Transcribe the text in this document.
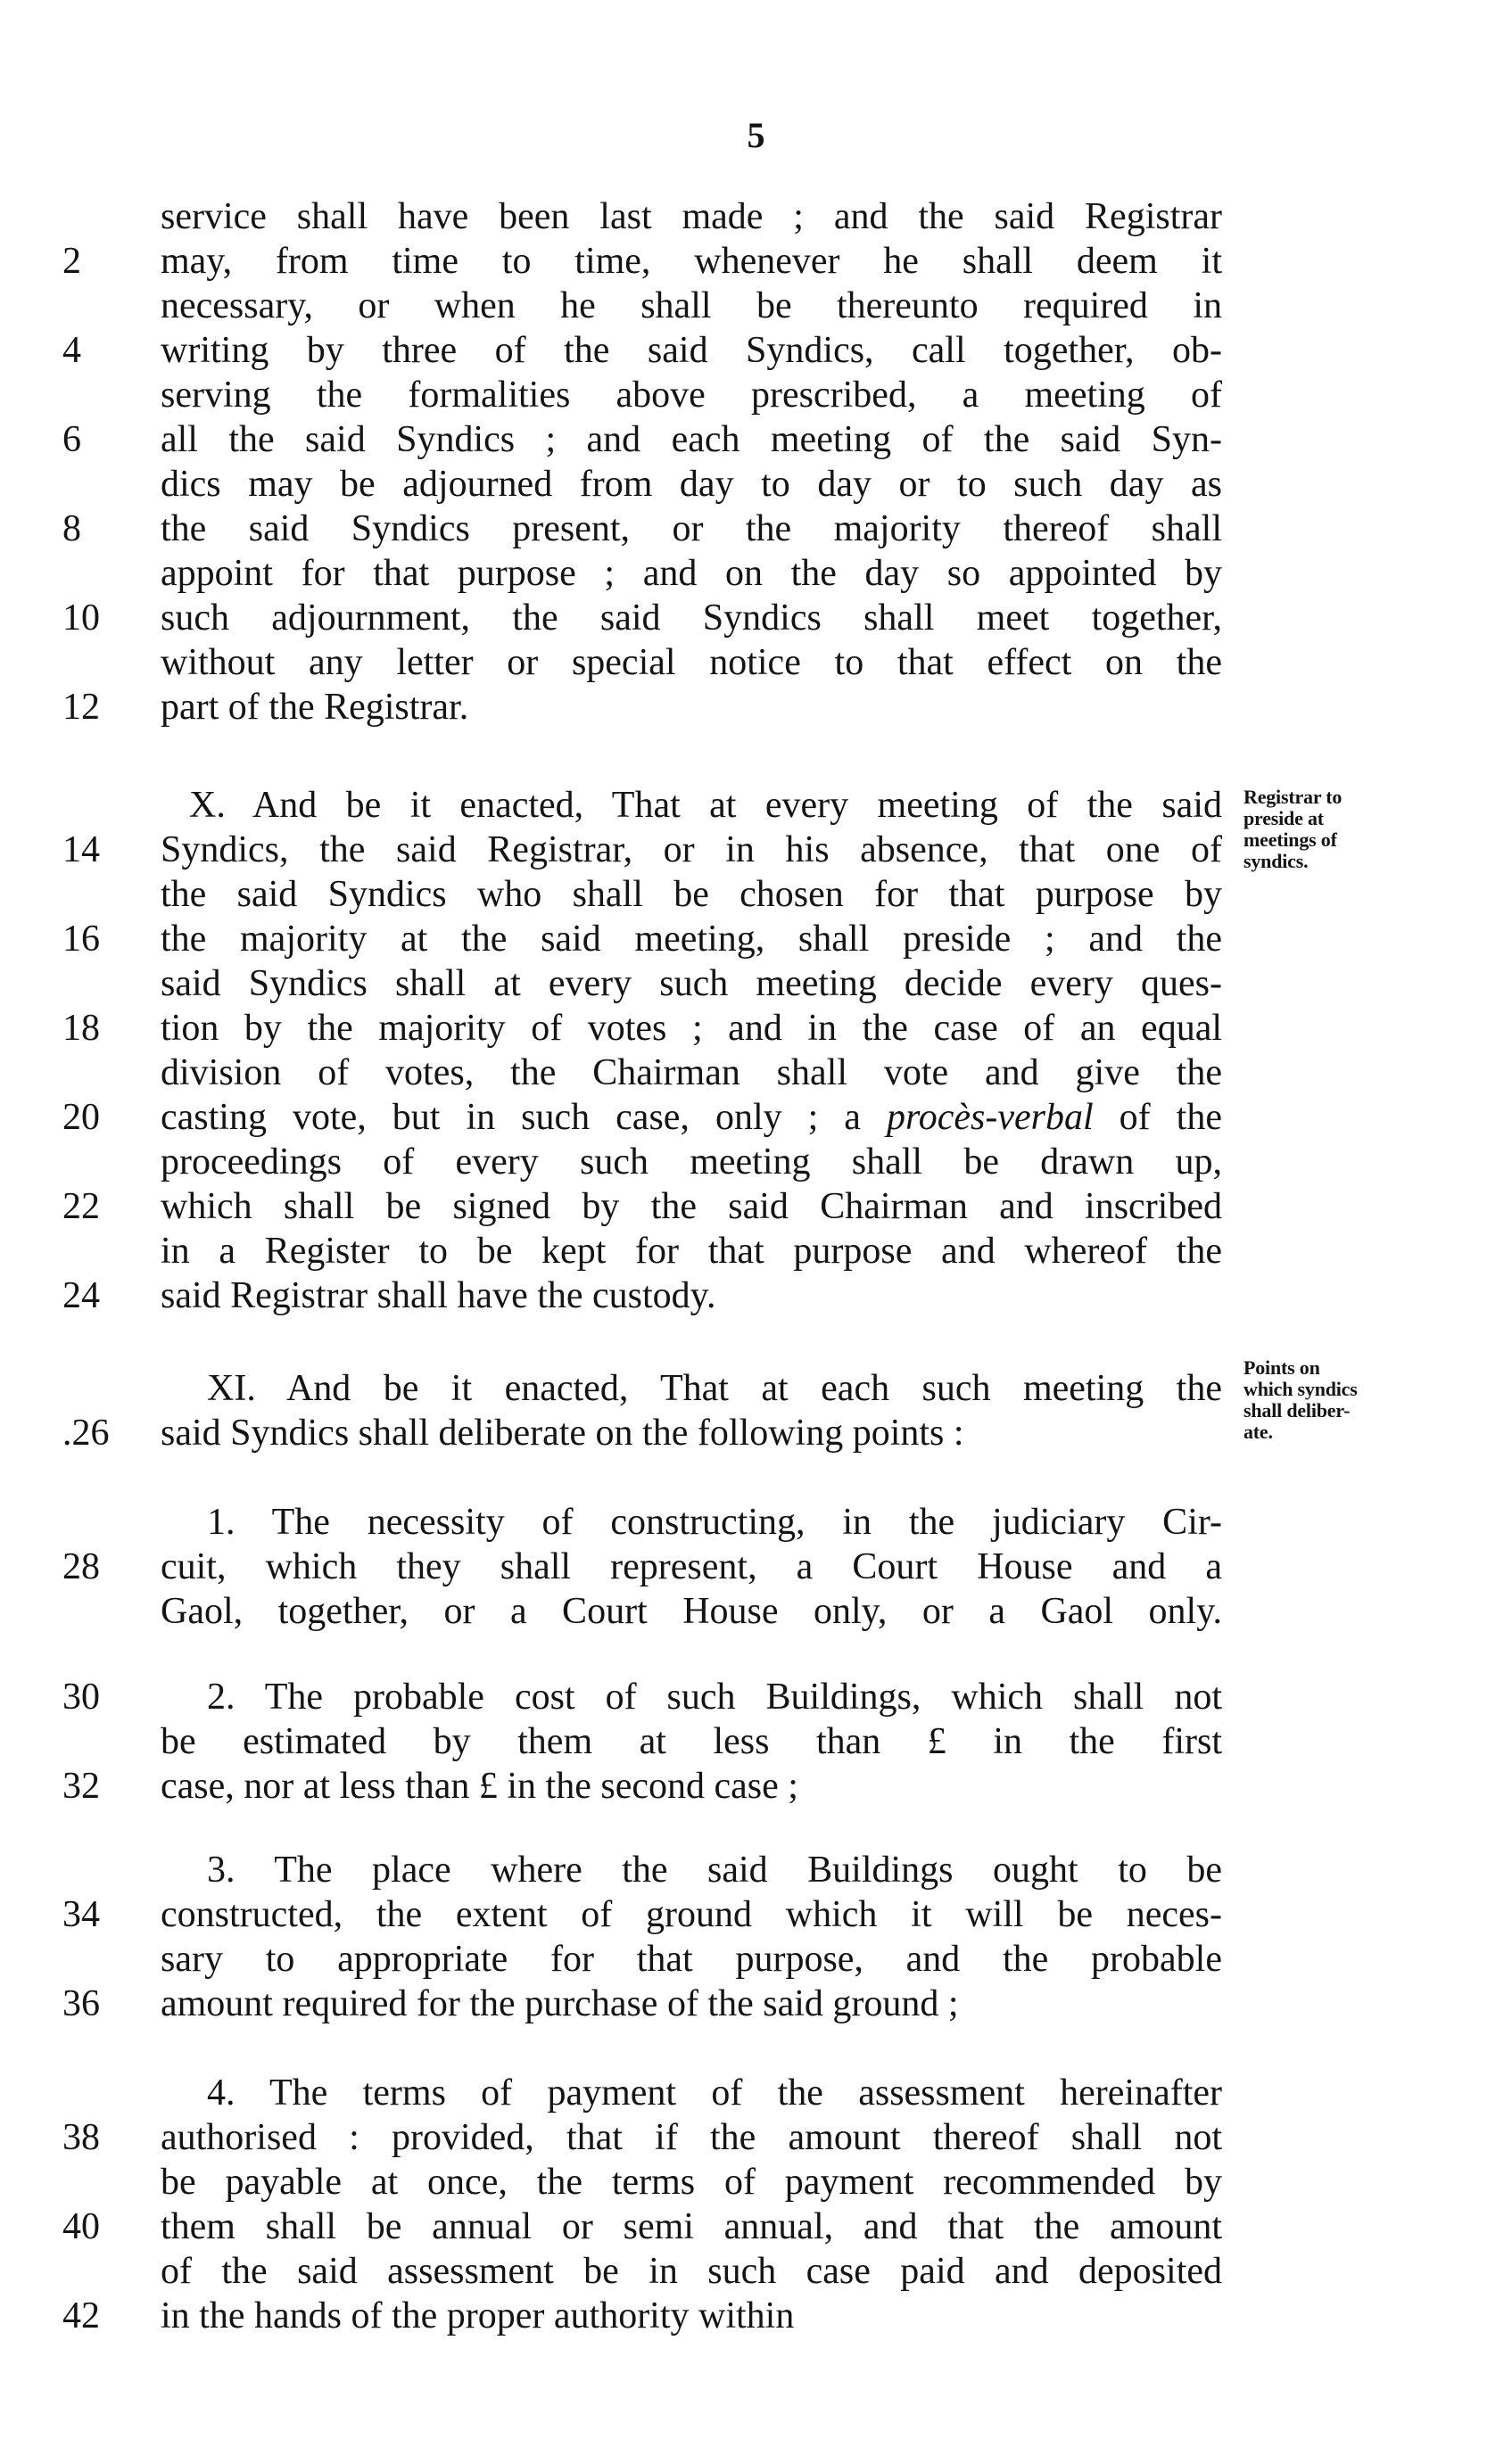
5
service shall have been last made ; and the said Registrar
2	may, from time to time, whenever he shall deem it
necessary, or when he shall be thereunto required in
4	writing by three of the said Syndics, call together, ob-
serving the formalities above prescribed, a meeting of
6	all the said Syndics ; and each meeting of the said Syn-
dics may be adjourned from day to day or to such day as
8	the said Syndics present, or the majority thereof shall
appoint for that purpose ; and on the day so appointed by
10	such adjournment, the said Syndics shall meet together,
without any letter or special notice to that effect on the
12	part of the Registrar.
X. And be it enacted, That at every meeting of the said
14	Syndics, the said Registrar, or in his absence, that one of
the said Syndics who shall be chosen for that purpose by
16	the majority at the said meeting, shall preside ; and the
said Syndics shall at every such meeting decide every ques-
18	tion by the majority of votes ; and in the case of an equal
division of votes, the Chairman shall vote and give the
20	casting vote, but in such case, only ; a procès-verbal of the
proceedings of every such meeting shall be drawn up,
22	which shall be signed by the said Chairman and inscribed
in a Register to be kept for that purpose and whereof the
24	said Registrar shall have the custody.
XI. And be it enacted, That at each such meeting the
.26	said Syndics shall deliberate on the following points :
1. The necessity of constructing, in the judiciary Cir-
28	cuit, which they shall represent, a Court House and a
Gaol, together, or a Court House only, or a Gaol only.
30	2. The probable cost of such Buildings, which shall not
be estimated by them at less than £ in the first
32	case, nor at less than £ in the second case ;
3. The place where the said Buildings ought to be
34	constructed, the extent of ground which it will be neces-
sary to appropriate for that purpose, and the probable
36	amount required for the purchase of the said ground ;
4. The terms of payment of the assessment hereinafter
38	authorised : provided, that if the amount thereof shall not
be payable at once, the terms of payment recommended by
40	them shall be annual or semi annual, and that the amount
of the said assessment be in such case paid and deposited
42	in the hands of the proper authority within
Registrar to
preside at
meetings of
syndics.
Points on
which syndics
shall deliber-
ate.
